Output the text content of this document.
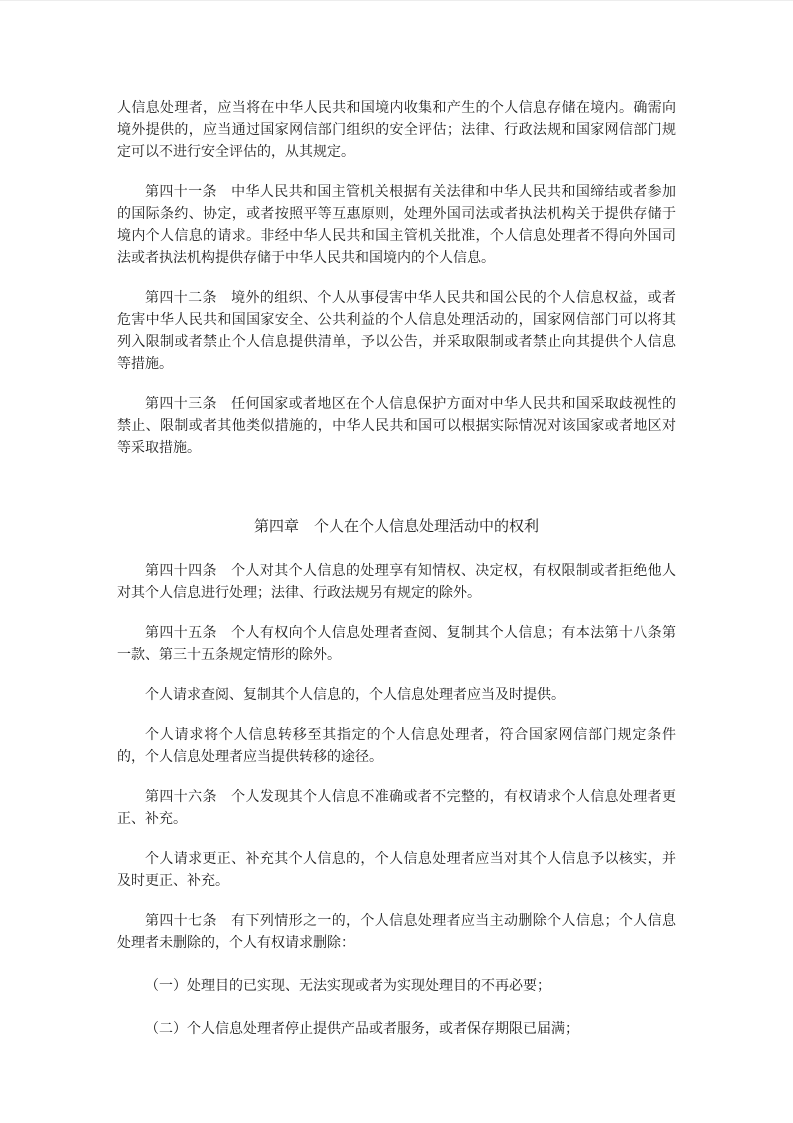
人信息处理者，应当将在中华人民共和国境内收集和产生的个人信息存储在境内。确需向境外提供的，应当通过国家网信部门组织的安全评估；法律、行政法规和国家网信部门规定可以不进行安全评估的，从其规定。

第四十一条　中华人民共和国主管机关根据有关法律和中华人民共和国缔结或者参加的国际条约、协定，或者按照平等互惠原则，处理外国司法或者执法机构关于提供存储于境内个人信息的请求。非经中华人民共和国主管机关批准，个人信息处理者不得向外国司法或者执法机构提供存储于中华人民共和国境内的个人信息。

第四十二条　境外的组织、个人从事侵害中华人民共和国公民的个人信息权益，或者危害中华人民共和国国家安全、公共利益的个人信息处理活动的，国家网信部门可以将其列入限制或者禁止个人信息提供清单，予以公告，并采取限制或者禁止向其提供个人信息等措施。

第四十三条　任何国家或者地区在个人信息保护方面对中华人民共和国采取歧视性的禁止、限制或者其他类似措施的，中华人民共和国可以根据实际情况对该国家或者地区对等采取措施。

第四章　个人在个人信息处理活动中的权利

第四十四条　个人对其个人信息的处理享有知情权、决定权，有权限制或者拒绝他人对其个人信息进行处理；法律、行政法规另有规定的除外。

第四十五条　个人有权向个人信息处理者查阅、复制其个人信息；有本法第十八条第一款、第三十五条规定情形的除外。

个人请求查阅、复制其个人信息的，个人信息处理者应当及时提供。

个人请求将个人信息转移至其指定的个人信息处理者，符合国家网信部门规定条件的，个人信息处理者应当提供转移的途径。

第四十六条　个人发现其个人信息不准确或者不完整的，有权请求个人信息处理者更正、补充。

个人请求更正、补充其个人信息的，个人信息处理者应当对其个人信息予以核实，并及时更正、补充。

第四十七条　有下列情形之一的，个人信息处理者应当主动删除个人信息；个人信息处理者未删除的，个人有权请求删除：

（一）处理目的已实现、无法实现或者为实现处理目的不再必要；

（二）个人信息处理者停止提供产品或者服务，或者保存期限已届满；
